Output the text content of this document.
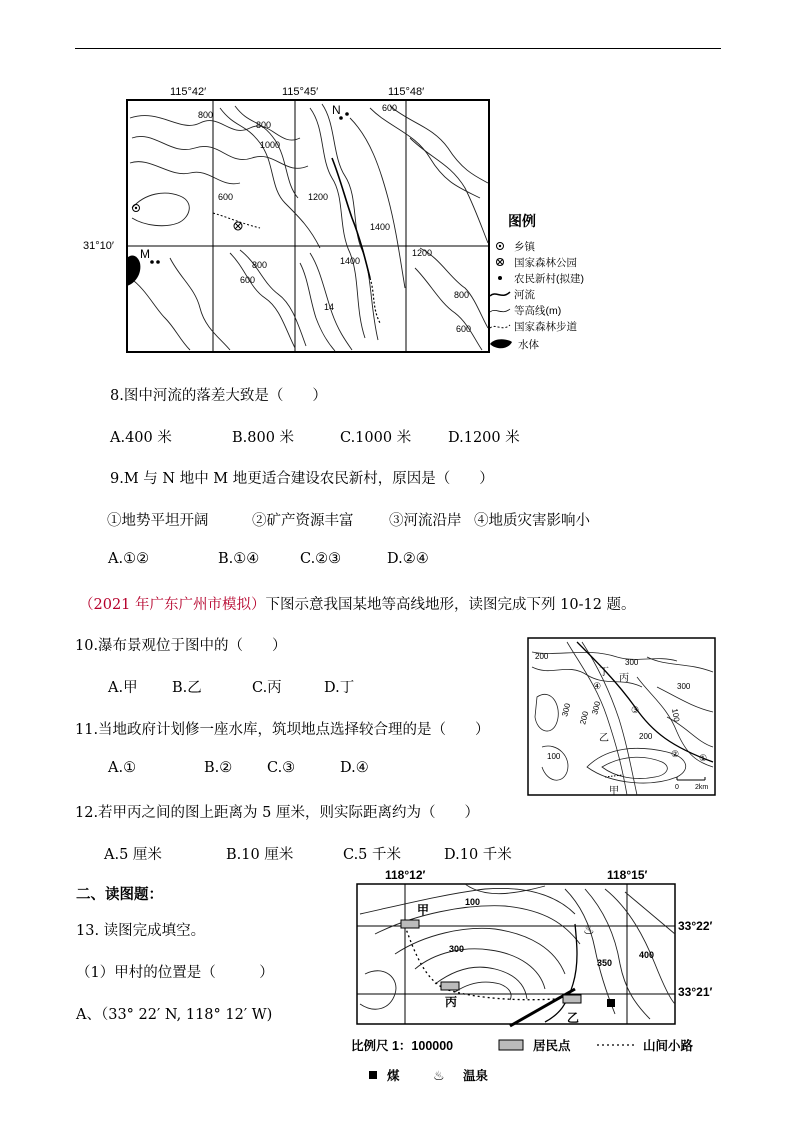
115°42′	115°45′	115°48′
31°10′
N
M
800
800
1000
600
600	1200
1400
1400
1200
800
800
14
600
600
图例
乡镇
国家森林公园
农民新村(拟建)
河流
等高线(m)
国家森林步道
水体
8.图中河流的落差大致是（　　）
A.400 米	B.800 米	C.1000 米	D.1200 米
9.M 与 N 地中 M 地更适合建设农民新村，原因是（　　）
①地势平坦开阔	②矿产资源丰富 ③河流沿岸 ④地质灾害影响小
A.①②	B.①④	C.②③	D.②④
（2021 年广东广州市模拟）下图示意我国某地等高线地形，读图完成下列 10-12 题。
10.瀑布景观位于图中的（　　）
A.甲 B.乙	C.丙	D.丁
11.当地政府计划修一座水库，筑坝地点选择较合理的是（　　）
A.①	B.② C.③	D.④
12.若甲丙之间的图上距离为 5 厘米，则实际距离约为（　　）
A.5 厘米	B.10 厘米	C.5 千米	D.10 千米
200
300
300
200
300	100
100
300
200
丁
丙
乙
甲
④
③
② ①
0 2km
二、读图题：
13. 读图完成填空。
（1）甲村的位置是（　　　）
A、（33° 22′ N, 118° 12′ W)
118°12′	118°15′
33°22′
33°21′
甲
丙
乙
100
300
350
400
♨
比例尺 1：100000	居民点	山间小路
煤	♨ 温泉
